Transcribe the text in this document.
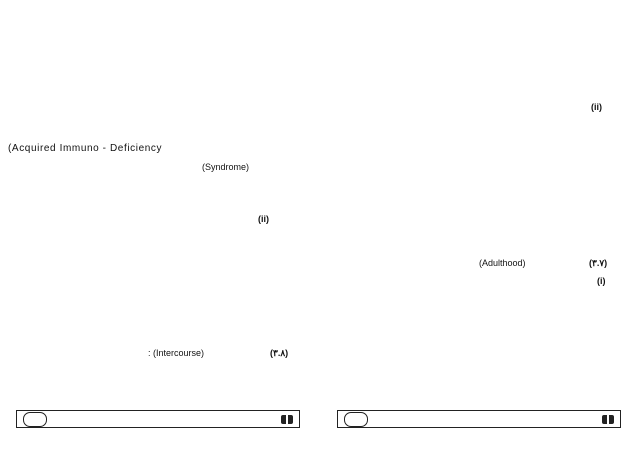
(Acquired Immuno - Deficiency
(Syndrome)
(ii)
: (Intercourse)	(٣.٨)
(ii)
(Adulthood)	(٣.٧)
(i)
